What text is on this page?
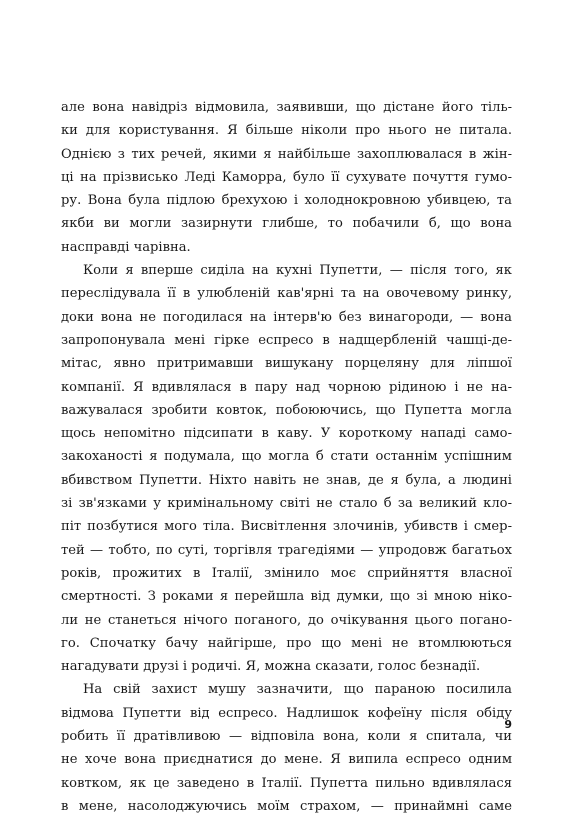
але вона навідріз відмовила, заявивши, що дістане його тіль-
ки для користування. Я більше ніколи про нього не питала.
Однією з тих речей, якими я найбільше захоплювалася в жін-
ці на прізвисько Леді Каморра, було її сухувате почуття гумо-
ру. Вона була підлою брехухою і холоднокровною убивцею, та
якби ви могли зазирнути глибше, то побачили б, що вона
насправді чарівна.
Коли я вперше сиділа на кухні Пупетти, — після того, як
переслідувала її в улюбленій кав'ярні та на овочевому ринку,
доки вона не погодилася на інтерв'ю без винагороди, — вона
запропонувала мені гірке еспресо в надщербленій чашці-де-
мітас, явно притримавши вишукану порцеляну для ліпшої
компанії. Я вдивлялася в пару над чорною рідиною і не на-
важувалася зробити ковток, побоюючись, що Пупетта могла
щось непомітно підсипати в каву. У короткому нападі само-
закоханості я подумала, що могла б стати останнім успішним
вбивством Пупетти. Ніхто навіть не знав, де я була, а людині
зі зв'язками у кримінальному світі не стало б за великий кло-
піт позбутися мого тіла. Висвітлення злочинів, убивств і смер-
тей — тобто, по суті, торгівля трагедіями — упродовж багатьох
років, прожитих в Італії, змінило моє сприйняття власної
смертності. З роками я перейшла від думки, що зі мною ніко-
ли не станеться нічого поганого, до очікування цього погано-
го. Спочатку бачу найгірше, про що мені не втомлюються
нагадувати друзі і родичі. Я, можна сказати, голос безнадії.
На свій захист мушу зазначити, що параною посилила
відмова Пупетти від еспресо. Надлишок кофеїну після обіду
робить її дратівливою — відповіла вона, коли я спитала, чи
не хоче вона приєднатися до мене. Я випила еспресо одним
ковтком, як це заведено в Італії. Пупетта пильно вдивлялася
в мене, насолоджуючись моїм страхом, — принаймні саме
9
